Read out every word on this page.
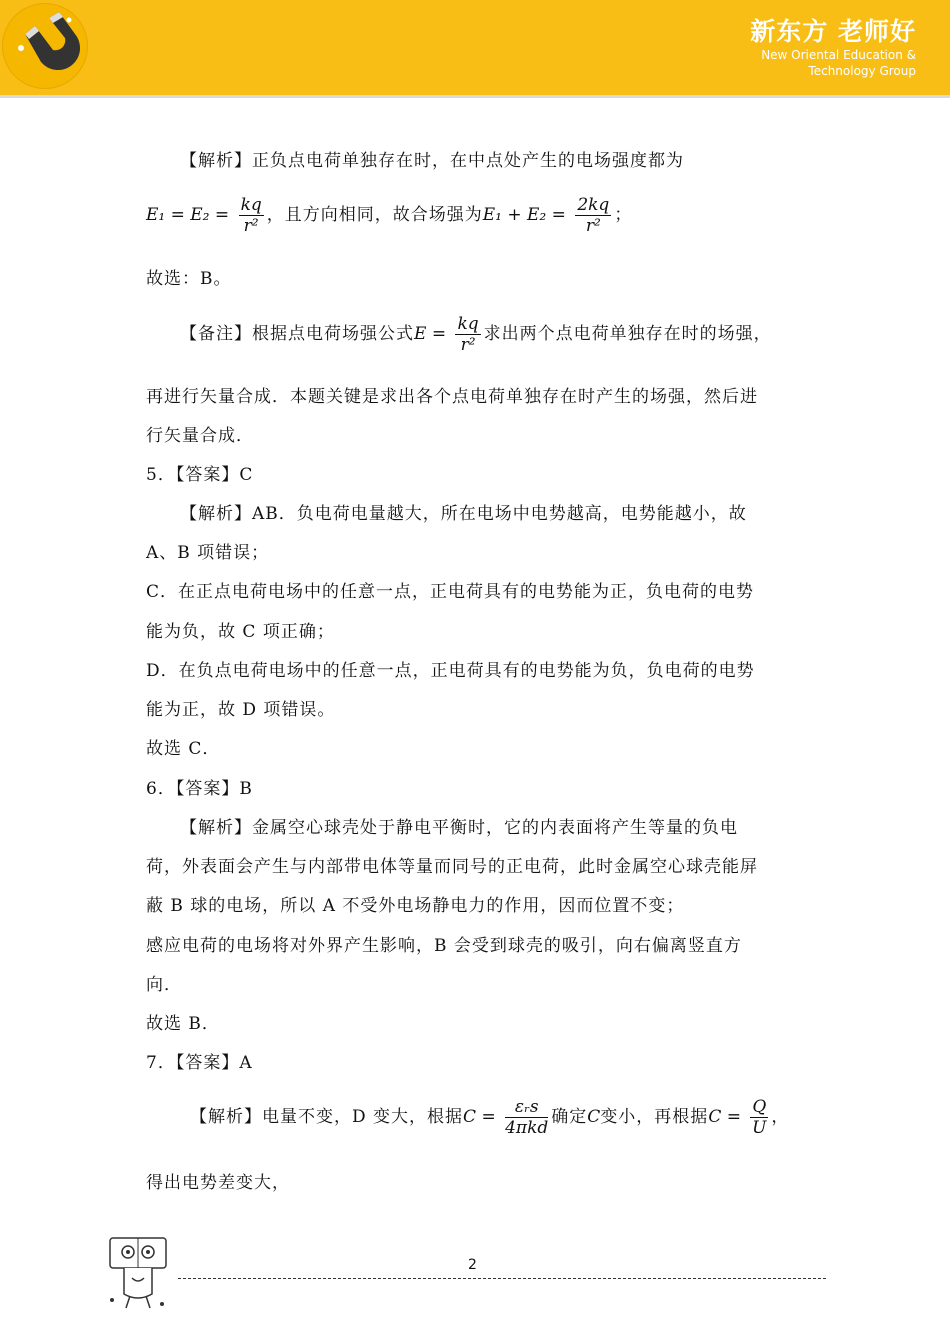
新东方 老师好
New Oriental Education &
Technology Group
【解析】正负点电荷单独存在时，在中点处产生的电场强度都为
$E_1 = E_2 = \frac{kq}{\text{r²}}$ ，且方向相同，故合场强为$E_1 + E_2 = \frac{2kq}{\text{r²}}$ ；
故选：B。
【备注】根据点电荷场强公式$E = \frac{kq}{\text{r²}}$ 求出两个点电荷单独存在时的场强，
再进行矢量合成．本题关键是求出各个点电荷单独存在时产生的场强，然后进
行矢量合成．
5．【答案】C
【解析】AB．负电荷电量越大，所在电场中电势越高，电势能越小，故
A、B 项错误；
C．在正点电荷电场中的任意一点，正电荷具有的电势能为正，负电荷的电势
能为负，故 C 项正确；
D．在负点电荷电场中的任意一点，正电荷具有的电势能为负，负电荷的电势
能为正，故 D 项错误。
故选 C．
6．【答案】B
【解析】金属空心球壳处于静电平衡时，它的内表面将产生等量的负电
荷，外表面会产生与内部带电体等量而同号的正电荷，此时金属空心球壳能屏
蔽 B 球的电场，所以 A 不受外电场静电力的作用，因而位置不变；
感应电荷的电场将对外界产生影响，B 会受到球壳的吸引，向右偏离竖直方
向．
故选 B．
7．【答案】A
【解析】电量不变，D 变大，根据$C = \frac{\text{εᵣs}}{\text{4πkd}}$ 确定C变小，再根据$C = \frac{Q}{U}$ ，
得出电势差变大，
2
